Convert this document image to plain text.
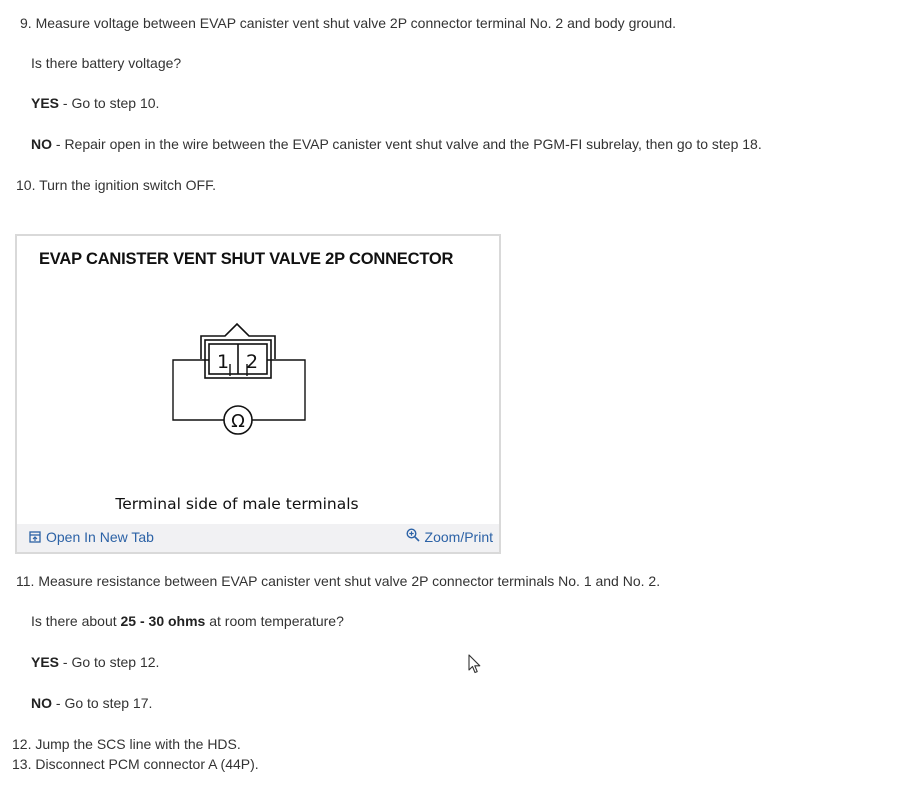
9. Measure voltage between EVAP canister vent shut valve 2P connector terminal No. 2 and body ground.
Is there battery voltage?
YES - Go to step 10.
NO - Repair open in the wire between the EVAP canister vent shut valve and the PGM-FI subrelay, then go to step 18.
10. Turn the ignition switch OFF.
EVAP CANISTER VENT SHUT VALVE 2P CONNECTOR
1 2
Ω
Terminal side of male terminals
Open In New Tab	Zoom/Print
11. Measure resistance between EVAP canister vent shut valve 2P connector terminals No. 1 and No. 2.
Is there about 25 - 30 ohms at room temperature?
YES - Go to step 12.
NO - Go to step 17.
12. Jump the SCS line with the HDS.
13. Disconnect PCM connector A (44P).
